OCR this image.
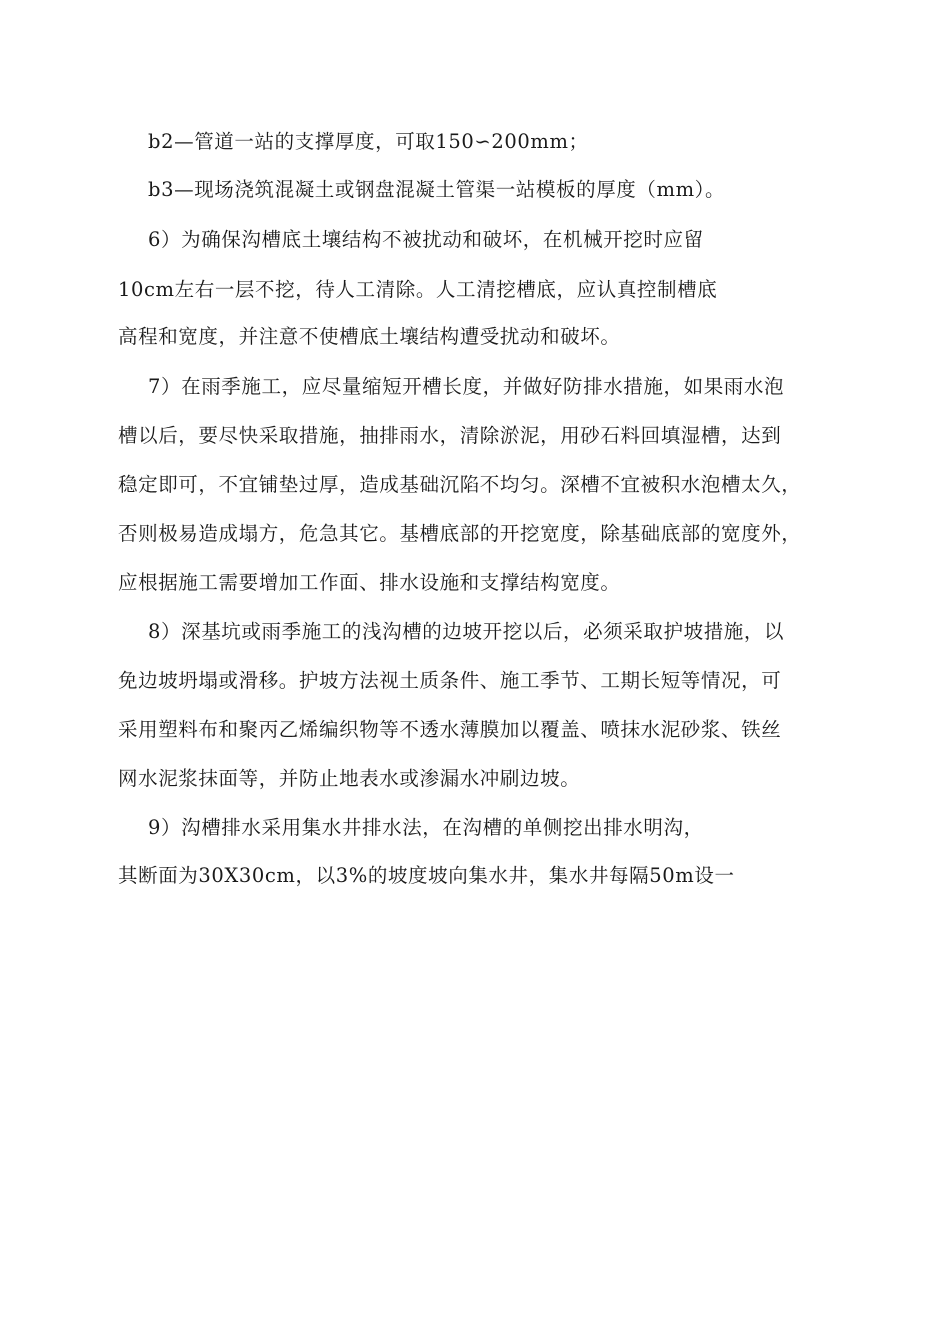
b2—管道一站的支撑厚度，可取150∽200mm；
b3—现场浇筑混凝土或钢盘混凝土管渠一站模板的厚度（mm）。
6）为确保沟槽底土壤结构不被扰动和破坏，在机械开挖时应留
10cm左右一层不挖，待人工清除。人工清挖槽底，应认真控制槽底
高程和宽度，并注意不使槽底土壤结构遭受扰动和破坏。
7）在雨季施工，应尽量缩短开槽长度，并做好防排水措施，如果雨水泡
槽以后，要尽快采取措施，抽排雨水，清除淤泥，用砂石料回填湿槽，达到
稳定即可，不宜铺垫过厚，造成基础沉陷不均匀。深槽不宜被积水泡槽太久，
否则极易造成塌方，危急其它。基槽底部的开挖宽度，除基础底部的宽度外，
应根据施工需要增加工作面、排水设施和支撑结构宽度。
8）深基坑或雨季施工的浅沟槽的边坡开挖以后，必须采取护坡措施，以
免边坡坍塌或滑移。护坡方法视土质条件、施工季节、工期长短等情况，可
采用塑料布和聚丙乙烯编织物等不透水薄膜加以覆盖、喷抹水泥砂浆、铁丝
网水泥浆抹面等，并防止地表水或渗漏水冲刷边坡。
9）沟槽排水采用集水井排水法，在沟槽的单侧挖出排水明沟，
其断面为30X30cm，以3%的坡度坡向集水井，集水井每隔50m设一
